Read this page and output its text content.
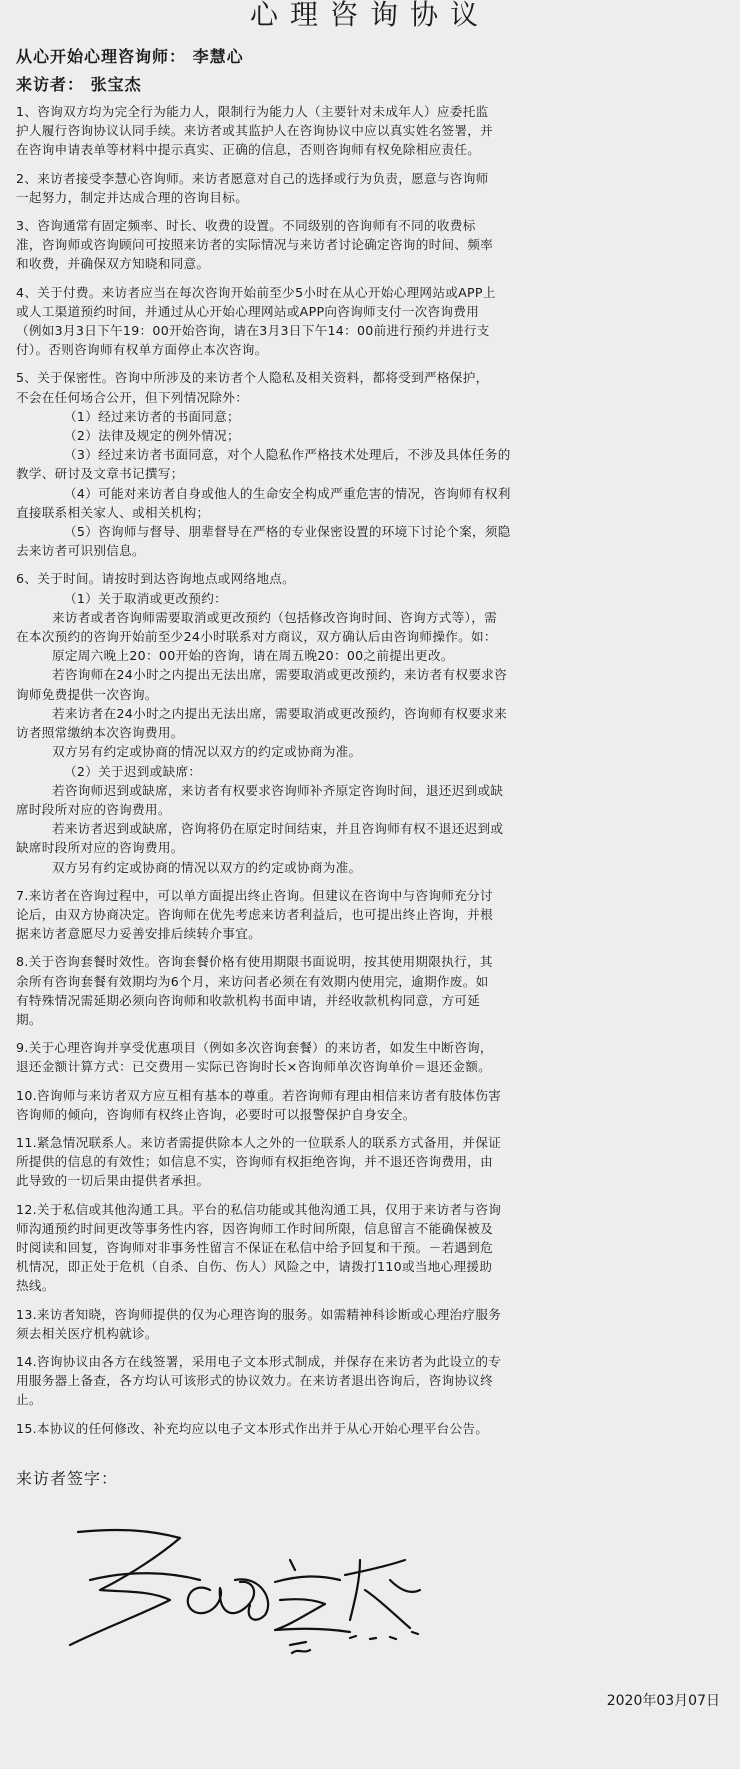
心理咨询协议
从心开始心理咨询师： 李慧心
来访者： 张宝杰
1、咨询双方均为完全行为能力人，限制行为能力人（主要针对未成年人）应委托监
护人履行咨询协议认同手续。来访者或其监护人在咨询协议中应以真实姓名签署，并
在咨询申请表单等材料中提示真实、正确的信息，否则咨询师有权免除相应责任。
2、来访者接受李慧心咨询师。来访者愿意对自己的选择或行为负责，愿意与咨询师
一起努力，制定并达成合理的咨询目标。
3、咨询通常有固定频率、时长、收费的设置。不同级别的咨询师有不同的收费标
准，咨询师或咨询顾问可按照来访者的实际情况与来访者讨论确定咨询的时间、频率
和收费，并确保双方知晓和同意。
4、关于付费。来访者应当在每次咨询开始前至少5小时在从心开始心理网站或APP上
或人工渠道预约时间，并通过从心开始心理网站或APP向咨询师支付一次咨询费用
（例如3月3日下午19：00开始咨询，请在3月3日下午14：00前进行预约并进行支
付）。否则咨询师有权单方面停止本次咨询。
5、关于保密性。咨询中所涉及的来访者个人隐私及相关资料，都将受到严格保护，
不会在任何场合公开，但下列情况除外：
（1）经过来访者的书面同意；
（2）法律及规定的例外情况；
（3）经过来访者书面同意，对个人隐私作严格技术处理后，不涉及具体任务的
教学、研讨及文章书记撰写；
（4）可能对来访者自身或他人的生命安全构成严重危害的情况，咨询师有权利
直接联系相关家人、或相关机构；
（5）咨询师与督导、朋辈督导在严格的专业保密设置的环境下讨论个案，须隐
去来访者可识别信息。
6、关于时间。请按时到达咨询地点或网络地点。
（1）关于取消或更改预约：
来访者或者咨询师需要取消或更改预约（包括修改咨询时间、咨询方式等），需
在本次预约的咨询开始前至少24小时联系对方商议，双方确认后由咨询师操作。如：
原定周六晚上20：00开始的咨询，请在周五晚20：00之前提出更改。
若咨询师在24小时之内提出无法出席，需要取消或更改预约，来访者有权要求咨
询师免费提供一次咨询。
若来访者在24小时之内提出无法出席，需要取消或更改预约，咨询师有权要求来
访者照常缴纳本次咨询费用。
双方另有约定或协商的情况以双方的约定或协商为准。
（2）关于迟到或缺席：
若咨询师迟到或缺席，来访者有权要求咨询师补齐原定咨询时间，退还迟到或缺
席时段所对应的咨询费用。
若来访者迟到或缺席，咨询将仍在原定时间结束，并且咨询师有权不退还迟到或
缺席时段所对应的咨询费用。
双方另有约定或协商的情况以双方的约定或协商为准。
7.来访者在咨询过程中，可以单方面提出终止咨询。但建议在咨询中与咨询师充分讨
论后，由双方协商决定。咨询师在优先考虑来访者利益后，也可提出终止咨询，并根
据来访者意愿尽力妥善安排后续转介事宜。
8.关于咨询套餐时效性。咨询套餐价格有使用期限书面说明，按其使用期限执行，其
余所有咨询套餐有效期均为6个月，来访问者必须在有效期内使用完，逾期作废。如
有特殊情况需延期必须向咨询师和收款机构书面申请，并经收款机构同意，方可延
期。
9.关于心理咨询并享受优惠项目（例如多次咨询套餐）的来访者，如发生中断咨询，
退还金额计算方式：已交费用－实际已咨询时长×咨询师单次咨询单价＝退还金额。
10.咨询师与来访者双方应互相有基本的尊重。若咨询师有理由相信来访者有肢体伤害
咨询师的倾向，咨询师有权终止咨询，必要时可以报警保护自身安全。
11.紧急情况联系人。来访者需提供除本人之外的一位联系人的联系方式备用，并保证
所提供的信息的有效性；如信息不实，咨询师有权拒绝咨询，并不退还咨询费用，由
此导致的一切后果由提供者承担。
12.关于私信或其他沟通工具。平台的私信功能或其他沟通工具，仅用于来访者与咨询
师沟通预约时间更改等事务性内容，因咨询师工作时间所限，信息留言不能确保被及
时阅读和回复，咨询师对非事务性留言不保证在私信中给予回复和干预。－若遇到危
机情况，即正处于危机（自杀、自伤、伤人）风险之中，请拨打110或当地心理援助
热线。
13.来访者知晓，咨询师提供的仅为心理咨询的服务。如需精神科诊断或心理治疗服务
须去相关医疗机构就诊。
14.咨询协议由各方在线签署，采用电子文本形式制成，并保存在来访者为此设立的专
用服务器上备查，各方均认可该形式的协议效力。在来访者退出咨询后，咨询协议终
止。
15.本协议的任何修改、补充均应以电子文本形式作出并于从心开始心理平台公告。
来访者签字：
2020年03月07日
